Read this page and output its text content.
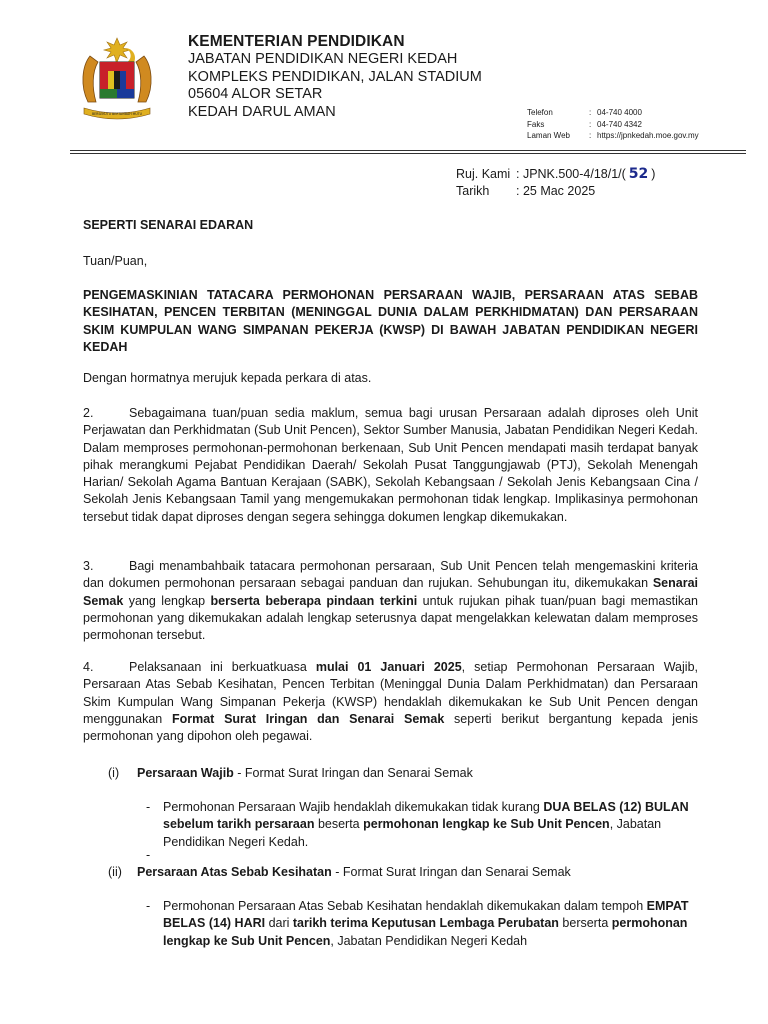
BERSEKUTU BERTAMBAH MUTU
KEMENTERIAN PENDIDIKAN
JABATAN PENDIDIKAN NEGERI KEDAH
KOMPLEKS PENDIDIKAN, JALAN STADIUM
05604 ALOR SETAR
KEDAH DARUL AMAN	Telefon	: 04-740 4000
Faks	: 04-740 4342
Laman Web	: https://jpnkedah.moe.gov.my
Ruj. Kami : JPNK.500-4/18/1/( 52 )
Tarikh	: 25 Mac 2025
SEPERTI SENARAI EDARAN
Tuan/Puan,
PENGEMASKINIAN TATACARA PERMOHONAN PERSARAAN WAJIB, PERSARAAN ATAS SEBAB KESIHATAN, PENCEN TERBITAN (MENINGGAL DUNIA DALAM PERKHIDMATAN) DAN PERSARAAN SKIM KUMPULAN WANG SIMPANAN PEKERJA (KWSP) DI BAWAH JABATAN PENDIDIKAN NEGERI KEDAH
Dengan hormatnya merujuk kepada perkara di atas.
2.	Sebagaimana tuan/puan sedia maklum, semua bagi urusan Persaraan adalah diproses oleh Unit Perjawatan dan Perkhidmatan (Sub Unit Pencen), Sektor Sumber Manusia, Jabatan Pendidikan Negeri Kedah. Dalam memproses permohonan-permohonan berkenaan, Sub Unit Pencen mendapati masih terdapat banyak pihak merangkumi Pejabat Pendidikan Daerah/ Sekolah Pusat Tanggungjawab (PTJ), Sekolah Menengah Harian/ Sekolah Agama Bantuan Kerajaan (SABK), Sekolah Kebangsaan / Sekolah Jenis Kebangsaan Cina / Sekolah Jenis Kebangsaan Tamil yang mengemukakan permohonan tidak lengkap. Implikasinya permohonan tersebut tidak dapat diproses dengan segera sehingga dokumen lengkap dikemukakan.
3.	Bagi menambahbaik tatacara permohonan persaraan, Sub Unit Pencen telah mengemaskini kriteria dan dokumen permohonan persaraan sebagai panduan dan rujukan. Sehubungan itu, dikemukakan Senarai Semak yang lengkap berserta beberapa pindaan terkini untuk rujukan pihak tuan/puan bagi memastikan permohonan yang dikemukakan adalah lengkap seterusnya dapat mengelakkan kelewatan dalam memproses permohonan tersebut.
4.	Pelaksanaan ini berkuatkuasa mulai 01 Januari 2025, setiap Permohonan Persaraan Wajib, Persaraan Atas Sebab Kesihatan, Pencen Terbitan (Meninggal Dunia Dalam Perkhidmatan) dan Persaraan Skim Kumpulan Wang Simpanan Pekerja (KWSP) hendaklah dikemukakan ke Sub Unit Pencen dengan menggunakan Format Surat Iringan dan Senarai Semak seperti berikut bergantung kepada jenis permohonan yang dipohon oleh pegawai.
(i) Persaraan Wajib - Format Surat Iringan dan Senarai Semak
- Permohonan Persaraan Wajib hendaklah dikemukakan tidak kurang DUA BELAS (12) BULAN sebelum tarikh persaraan beserta permohonan lengkap ke Sub Unit Pencen, Jabatan Pendidikan Negeri Kedah.
-
(ii) Persaraan Atas Sebab Kesihatan - Format Surat Iringan dan Senarai Semak
- Permohonan Persaraan Atas Sebab Kesihatan hendaklah dikemukakan dalam tempoh EMPAT BELAS (14) HARI dari tarikh terima Keputusan Lembaga Perubatan berserta permohonan lengkap ke Sub Unit Pencen, Jabatan Pendidikan Negeri Kedah
